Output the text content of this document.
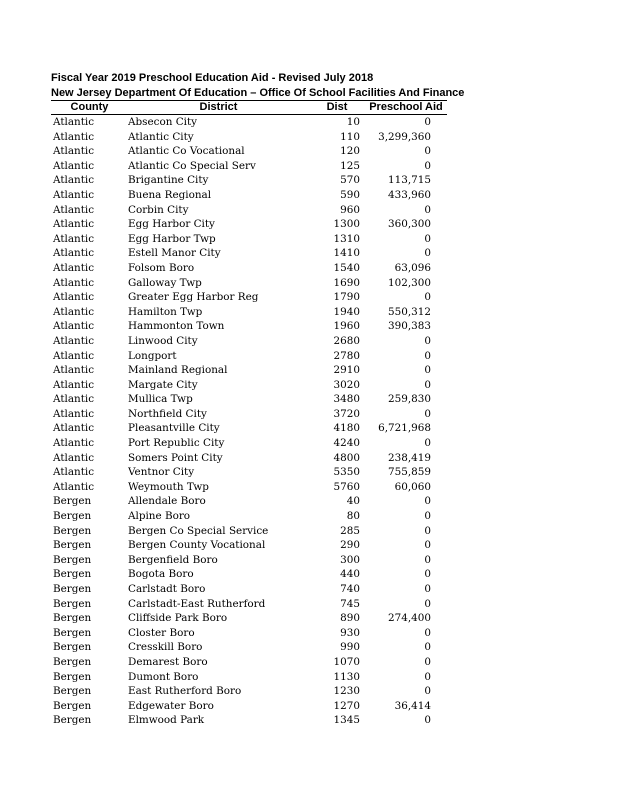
Fiscal Year 2019 Preschool Education Aid - Revised July 2018
New Jersey Department Of Education – Office Of School Facilities And Finance
County	District	Dist	Preschool Aid
Atlantic	Absecon City	10	0
Atlantic	Atlantic City	110	3,299,360
Atlantic	Atlantic Co Vocational	120	0
Atlantic	Atlantic Co Special Serv	125	0
Atlantic	Brigantine City	570	113,715
Atlantic	Buena Regional	590	433,960
Atlantic	Corbin City	960	0
Atlantic	Egg Harbor City	1300	360,300
Atlantic	Egg Harbor Twp	1310	0
Atlantic	Estell Manor City	1410	0
Atlantic	Folsom Boro	1540	63,096
Atlantic	Galloway Twp	1690	102,300
Atlantic	Greater Egg Harbor Reg	1790	0
Atlantic	Hamilton Twp	1940	550,312
Atlantic	Hammonton Town	1960	390,383
Atlantic	Linwood City	2680	0
Atlantic	Longport	2780	0
Atlantic	Mainland Regional	2910	0
Atlantic	Margate City	3020	0
Atlantic	Mullica Twp	3480	259,830
Atlantic	Northfield City	3720	0
Atlantic	Pleasantville City	4180	6,721,968
Atlantic	Port Republic City	4240	0
Atlantic	Somers Point City	4800	238,419
Atlantic	Ventnor City	5350	755,859
Atlantic	Weymouth Twp	5760	60,060
Bergen	Allendale Boro	40	0
Bergen	Alpine Boro	80	0
Bergen	Bergen Co Special Service	285	0
Bergen	Bergen County Vocational	290	0
Bergen	Bergenfield Boro	300	0
Bergen	Bogota Boro	440	0
Bergen	Carlstadt Boro	740	0
Bergen	Carlstadt-East Rutherford	745	0
Bergen	Cliffside Park Boro	890	274,400
Bergen	Closter Boro	930	0
Bergen	Cresskill Boro	990	0
Bergen	Demarest Boro	1070	0
Bergen	Dumont Boro	1130	0
Bergen	East Rutherford Boro	1230	0
Bergen	Edgewater Boro	1270	36,414
Bergen	Elmwood Park	1345	0
